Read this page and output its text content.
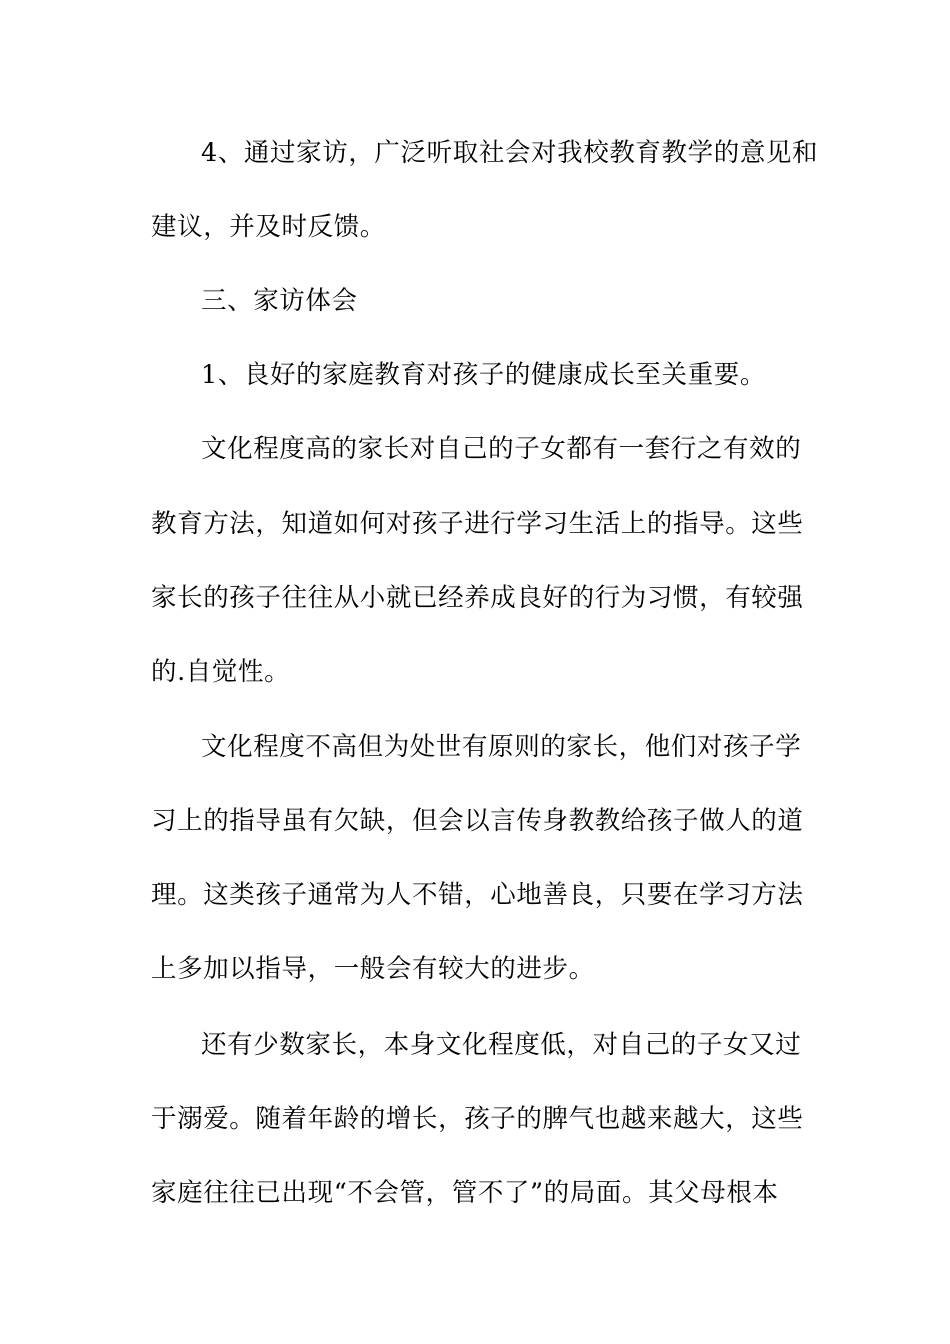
4、通过家访，广泛听取社会对我校教育教学的意见和
建议，并及时反馈。
三、家访体会
1、良好的家庭教育对孩子的健康成长至关重要。
文化程度高的家长对自己的子女都有一套行之有效的
教育方法，知道如何对孩子进行学习生活上的指导。这些
家长的孩子往往从小就已经养成良好的行为习惯，有较强
的.自觉性。
文化程度不高但为处世有原则的家长，他们对孩子学
习上的指导虽有欠缺，但会以言传身教教给孩子做人的道
理。这类孩子通常为人不错，心地善良，只要在学习方法
上多加以指导，一般会有较大的进步。
还有少数家长，本身文化程度低，对自己的子女又过
于溺爱。随着年龄的增长，孩子的脾气也越来越大，这些
家庭往往已出现“不会管，管不了”的局面。其父母根本
